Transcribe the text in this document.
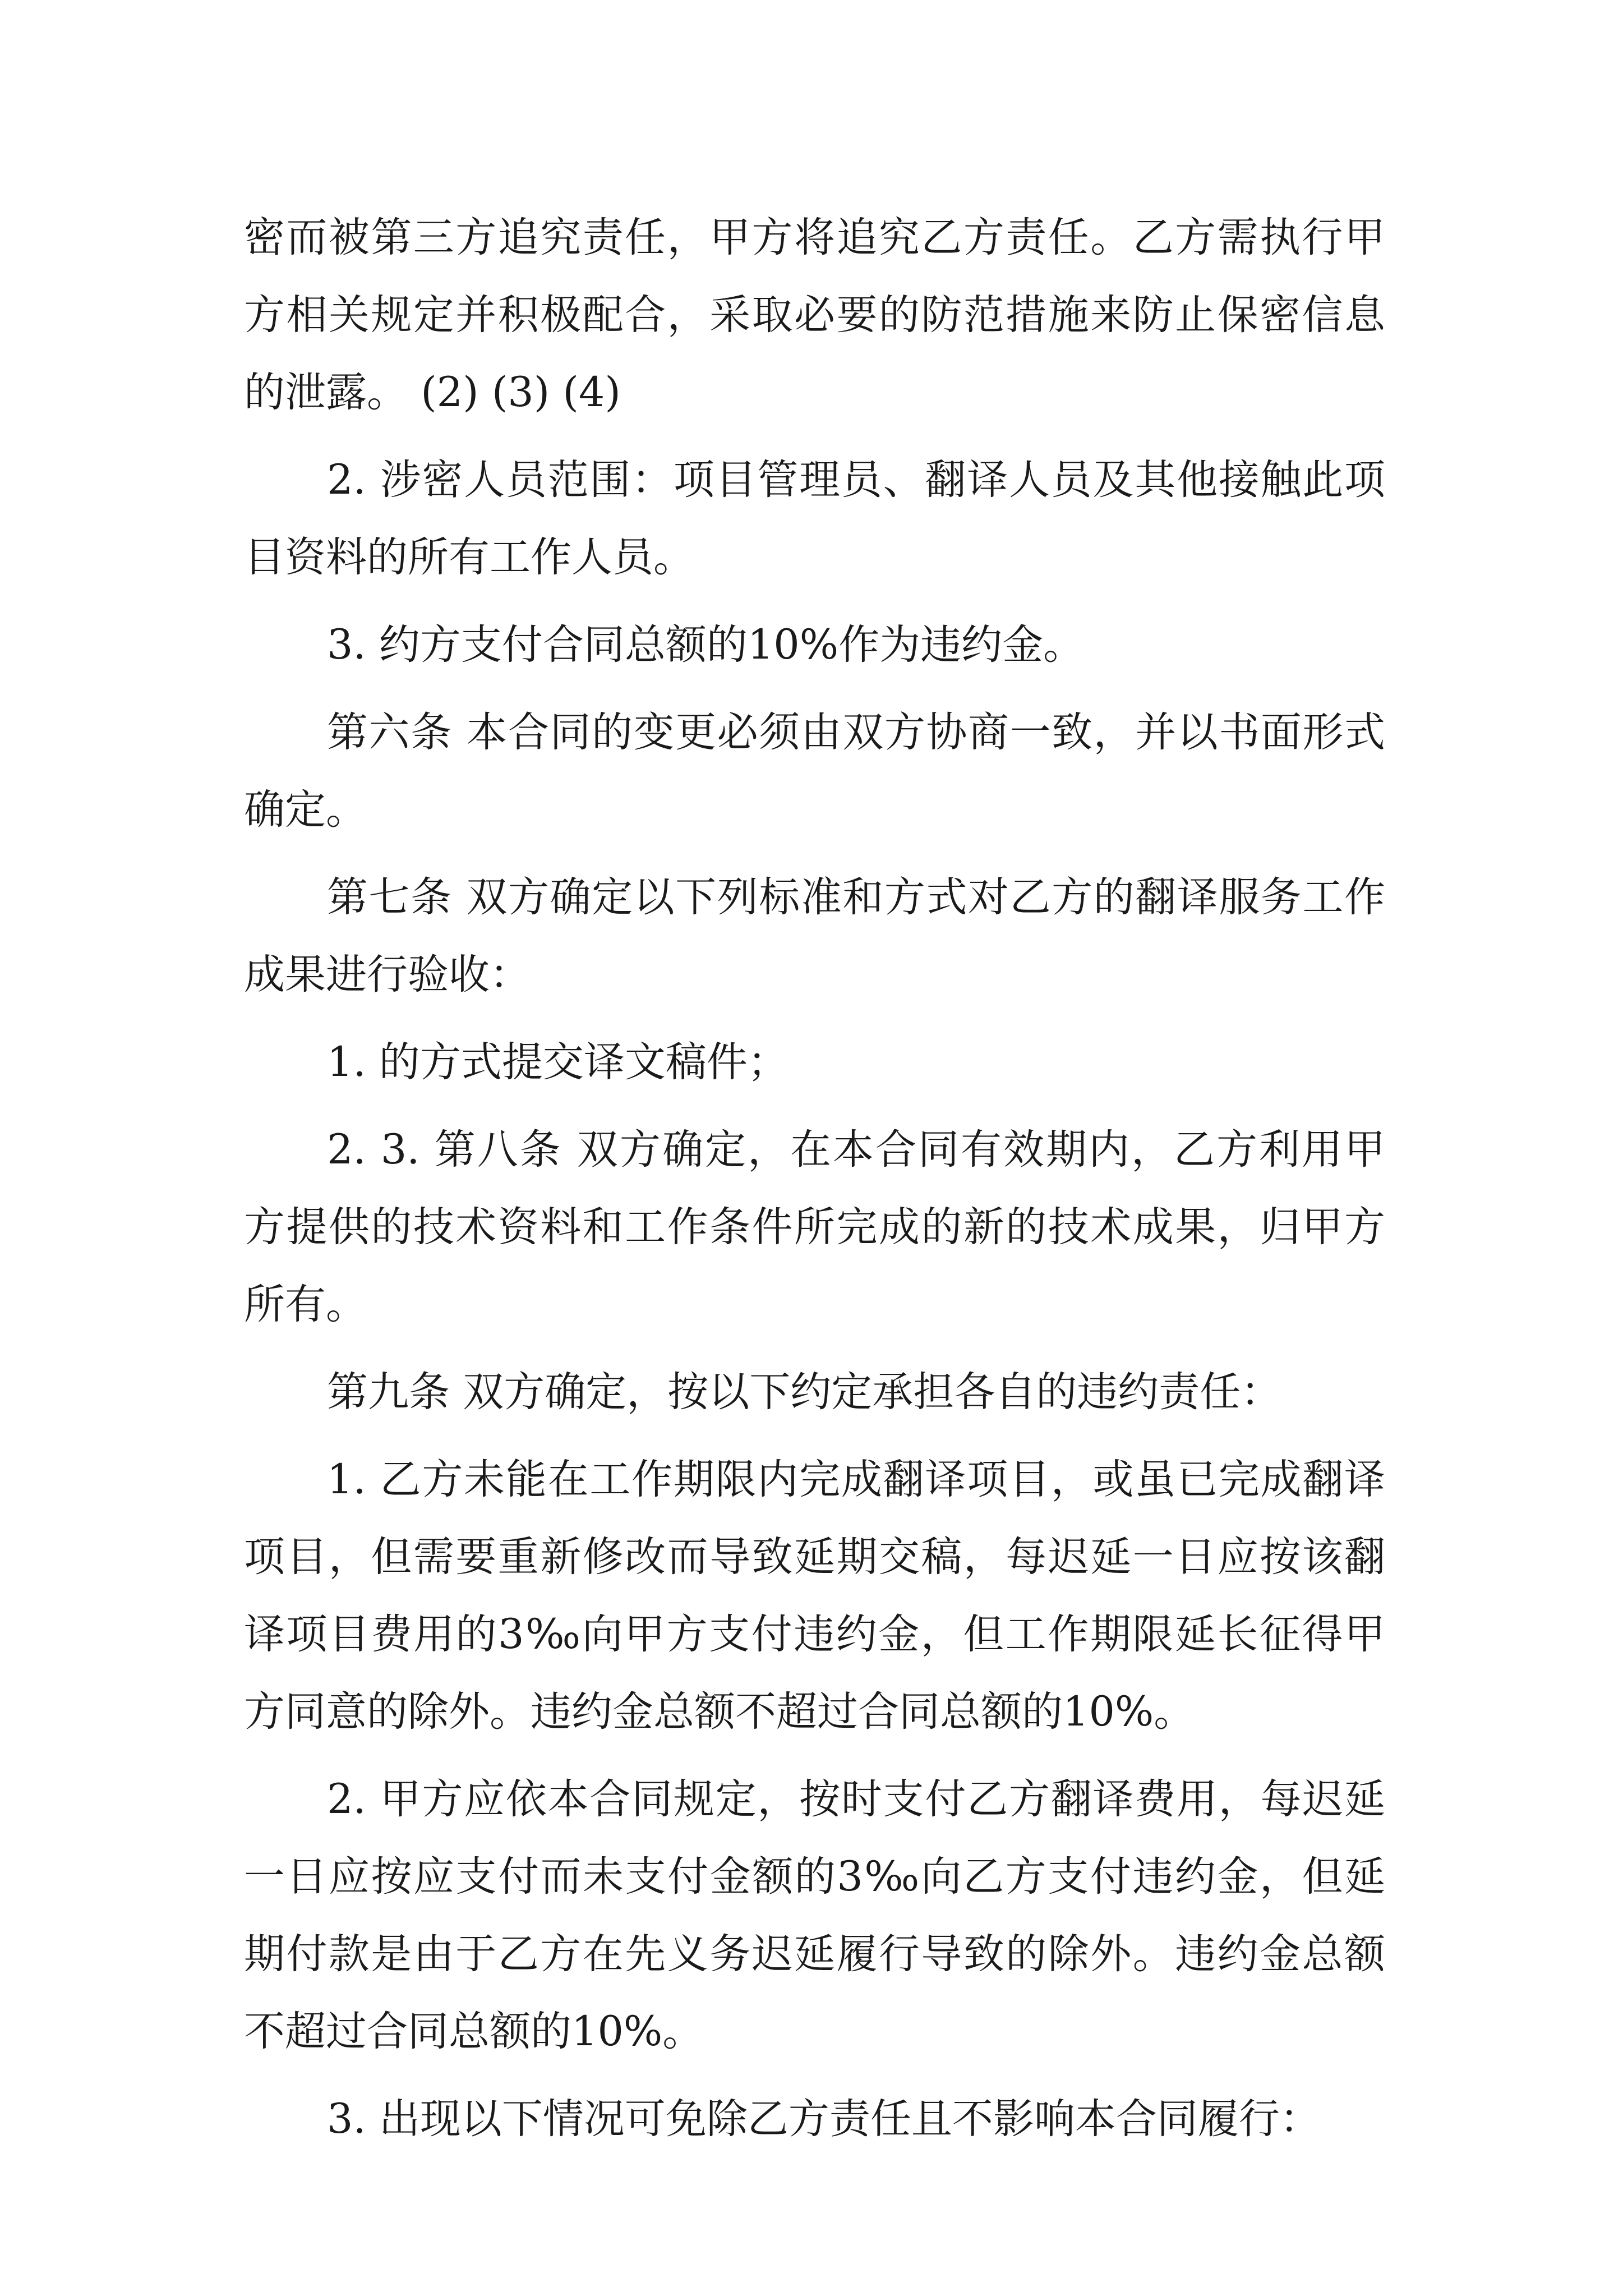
密而被第三方追究责任，甲方将追究乙方责任。乙方需执行甲方相关规定并积极配合，采取必要的防范措施来防止保密信息的泄露。 (2) (3) (4)

2. 涉密人员范围：项目管理员、翻译人员及其他接触此项目资料的所有工作人员。

3. 约方支付合同总额的10%作为违约金。

第六条 本合同的变更必须由双方协商一致，并以书面形式确定。

第七条 双方确定以下列标准和方式对乙方的翻译服务工作成果进行验收：

1. 的方式提交译文稿件；

2. 3. 第八条 双方确定，在本合同有效期内，乙方利用甲方提供的技术资料和工作条件所完成的新的技术成果，归甲方所有。

第九条 双方确定，按以下约定承担各自的违约责任：

1. 乙方未能在工作期限内完成翻译项目，或虽已完成翻译项目，但需要重新修改而导致延期交稿，每迟延一日应按该翻译项目费用的3‰向甲方支付违约金，但工作期限延长征得甲方同意的除外。违约金总额不超过合同总额的10%。

2. 甲方应依本合同规定，按时支付乙方翻译费用，每迟延一日应按应支付而未支付金额的3‰向乙方支付违约金，但延期付款是由于乙方在先义务迟延履行导致的除外。违约金总额不超过合同总额的10%。

3. 出现以下情况可免除乙方责任且不影响本合同履行：
